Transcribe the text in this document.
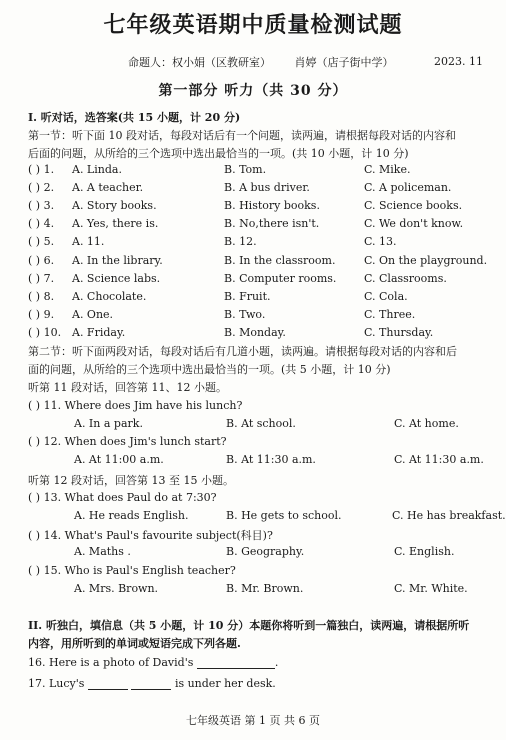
七年级英语期中质量检测试题
命题人：权小娟（区教研室） 肖婷（店子街中学）	2023. 11
第一部分 听力（共 30 分）
I. 听对话，选答案(共 15 小题，计 20 分)
第一节：听下面 10 段对话，每段对话后有一个问题，读两遍，请根据每段对话的内容和
后面的问题，从所给的三个选项中选出最恰当的一项。(共 10 小题，计 10 分)
( ) 1. A. Linda.	B. Tom.	C. Mike.
( ) 2. A. A teacher.	B. A bus driver.	C. A policeman.
( ) 3. A. Story books.	B. History books.	C. Science books.
( ) 4. A. Yes, there is.	B. No,there isn't.	C. We don't know.
( ) 5. A. 11.	B. 12.	C. 13.
( ) 6. A. In the library.	B. In the classroom.	C. On the playground.
( ) 7. A. Science labs.	B. Computer rooms.	C. Classrooms.
( ) 8. A. Chocolate.	B. Fruit.	C. Cola.
( ) 9. A. One.	B. Two.	C. Three.
( ) 10. A. Friday.	B. Monday.	C. Thursday.
第二节：听下面两段对话，每段对话后有几道小题，读两遍。请根据每段对话的内容和后
面的问题，从所给的三个选项中选出最恰当的一项。(共 5 小题，计 10 分)
听第 11 段对话，回答第 11、12 小题。
( ) 11. Where does Jim have his lunch?
A. In a park.	B. At school.	C. At home.
( ) 12. When does Jim's lunch start?
A. At 11:00 a.m.	B. At 11:30 a.m.	C. At 11:30 a.m.
听第 12 段对话，回答第 13 至 15 小题。
( ) 13. What does Paul do at 7:30?
A. He reads English.	B. He gets to school.	C. He has breakfast.
( ) 14. What's Paul's favourite subject(科目)?
A. Maths .	B. Geography.	C. English.
( ) 15. Who is Paul's English teacher?
A. Mrs. Brown.	B. Mr. Brown.	C. Mr. White.
II. 听独白，填信息（共 5 小题，计 10 分）本题你将听到一篇独白，读两遍，请根据所听
内容，用所听到的单词或短语完成下列各题.
16. Here is a photo of David's	.
17. Lucy's	is under her desk.
七年级英语 第 1 页 共 6 页
